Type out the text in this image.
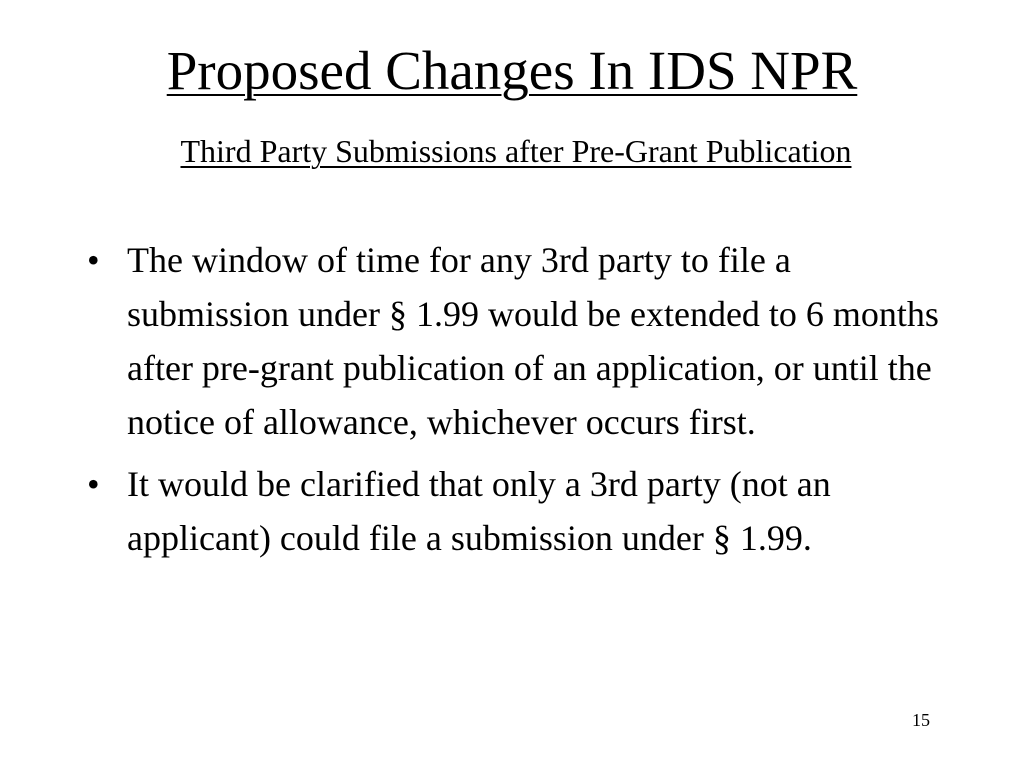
Proposed Changes In IDS NPR
Third Party Submissions after Pre-Grant Publication
• The window of time for any 3rd party to file a submission under § 1.99 would be extended to 6 months after pre-grant publication of an application, or until the notice of allowance, whichever occurs first.
• It would be clarified that only a 3rd party (not an applicant) could file a submission under § 1.99.
15
